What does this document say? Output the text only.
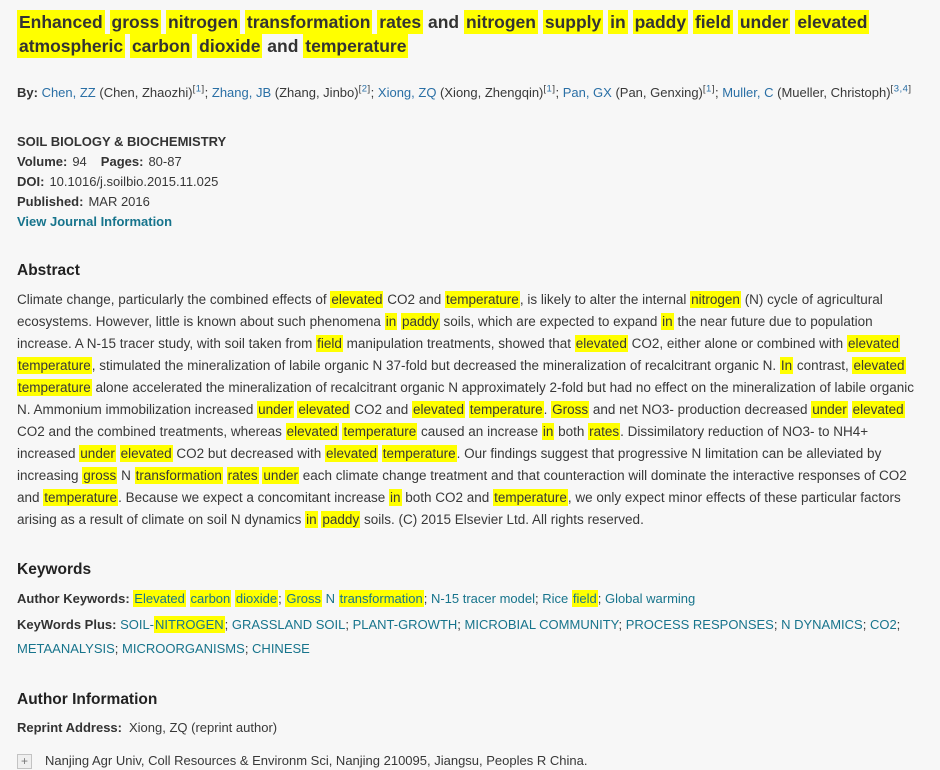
Enhanced gross nitrogen transformation rates and nitrogen supply in paddy field under elevated atmospheric carbon dioxide and temperature
By: Chen, ZZ (Chen, Zhaozhi)[1]; Zhang, JB (Zhang, Jinbo)[2]; Xiong, ZQ (Xiong, Zhengqin)[1]; Pan, GX (Pan, Genxing)[1]; Muller, C (Mueller, Christoph)[3,4]
SOIL BIOLOGY & BIOCHEMISTRY
Volume: 94 Pages: 80-87
DOI: 10.1016/j.soilbio.2015.11.025
Published: MAR 2016
View Journal Information
Abstract

Climate change, particularly the combined effects of elevated CO2 and temperature, is likely to alter the internal nitrogen (N) cycle of agricultural ecosystems. However, little is known about such phenomena in paddy soils, which are expected to expand in the near future due to population increase. A N-15 tracer study, with soil taken from field manipulation treatments, showed that elevated CO2, either alone or combined with elevated temperature, stimulated the mineralization of labile organic N 37-fold but decreased the mineralization of recalcitrant organic N. In contrast, elevated temperature alone accelerated the mineralization of recalcitrant organic N approximately 2-fold but had no effect on the mineralization of labile organic N. Ammonium immobilization increased under elevated CO2 and elevated temperature. Gross and net NO3- production decreased under elevated CO2 and the combined treatments, whereas elevated temperature caused an increase in both rates. Dissimilatory reduction of NO3- to NH4+ increased under elevated CO2 but decreased with elevated temperature. Our findings suggest that progressive N limitation can be alleviated by increasing gross N transformation rates under each climate change treatment and that counteraction will dominate the interactive responses of CO2 and temperature. Because we expect a concomitant increase in both CO2 and temperature, we only expect minor effects of these particular factors arising as a result of climate on soil N dynamics in paddy soils. (C) 2015 Elsevier Ltd. All rights reserved.

Keywords
Author Keywords: Elevated carbon dioxide; Gross N transformation; N-15 tracer model; Rice field; Global warming
KeyWords Plus: SOIL-NITROGEN; GRASSLAND SOIL; PLANT-GROWTH; MICROBIAL COMMUNITY; PROCESS RESPONSES; N DYNAMICS; CO2; METAANALYSIS; MICROORGANISMS; CHINESE
Author Information
Reprint Address: Xiong, ZQ (reprint author)
+	Nanjing Agr Univ, Coll Resources & Environm Sci, Nanjing 210095, Jiangsu, Peoples R China.
